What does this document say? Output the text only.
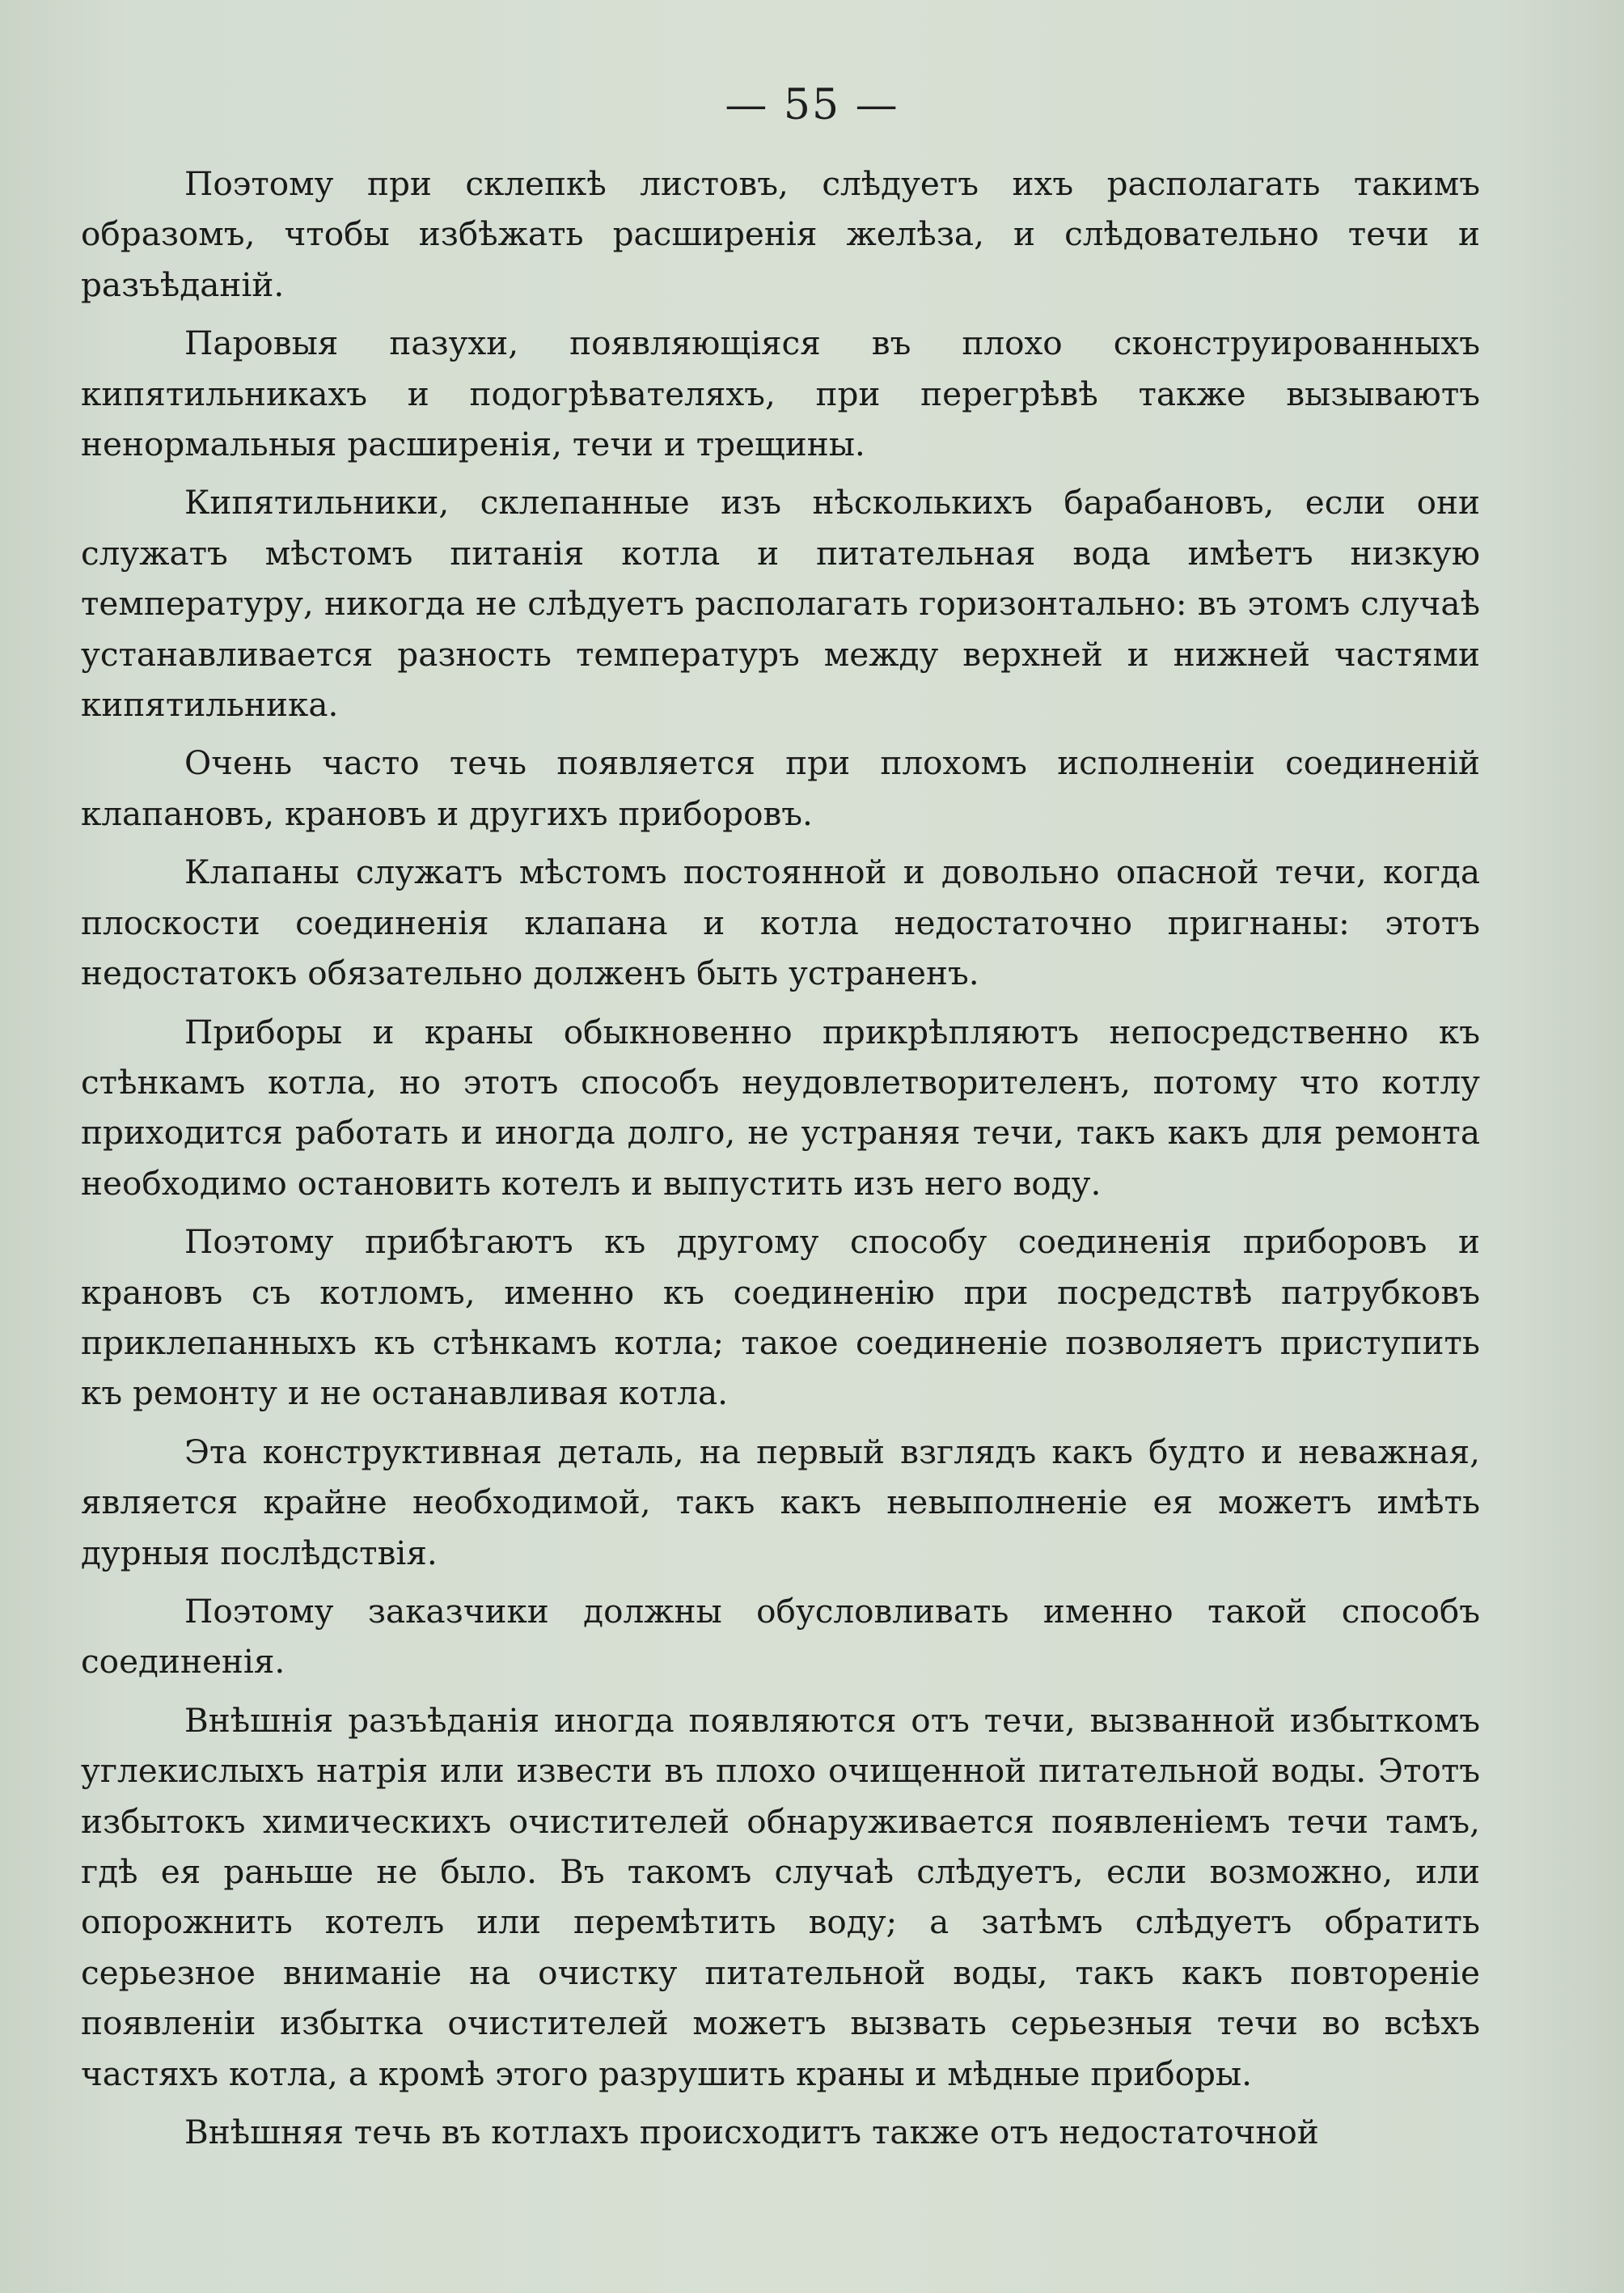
— 55 —

Поэтому при склепкѣ листовъ, слѣдуетъ ихъ располагать такимъ образомъ, чтобы избѣжать расширенія желѣза, и слѣдовательно течи и разъѣданій.

Паровыя пазухи, появляющіяся въ плохо сконструированныхъ кипятильникахъ и подогрѣвателяхъ, при перегрѣвѣ также вызываютъ ненормальныя расширенія, течи и трещины.

Кипятильники, склепанные изъ нѣсколькихъ барабановъ, если они служатъ мѣстомъ питанія котла и питательная вода имѣетъ низкую температуру, никогда не слѣдуетъ располагать горизонтально: въ этомъ случаѣ устанавливается разность температуръ между верхней и нижней частями кипятильника.

Очень часто течь появляется при плохомъ исполненіи соединеній клапановъ, крановъ и другихъ приборовъ.

Клапаны служатъ мѣстомъ постоянной и довольно опасной течи, когда плоскости соединенія клапана и котла недостаточно пригнаны: этотъ недостатокъ обязательно долженъ быть устраненъ.

Приборы и краны обыкновенно прикрѣпляютъ непосредственно къ стѣнкамъ котла, но этотъ способъ неудовлетворителенъ, потому что котлу приходится работать и иногда долго, не устраняя течи, такъ какъ для ремонта необходимо остановить котелъ и выпустить изъ него воду.

Поэтому прибѣгаютъ къ другому способу соединенія приборовъ и крановъ съ котломъ, именно къ соединенію при посредствѣ патрубковъ приклепанныхъ къ стѣнкамъ котла; такое соединеніе позволяетъ приступить къ ремонту и не останавливая котла.

Эта конструктивная деталь, на первый взглядъ какъ будто и неважная, является крайне необходимой, такъ какъ невыполненіе ея можетъ имѣть дурныя послѣдствія.

Поэтому заказчики должны обусловливать именно такой способъ соединенія.

Внѣшнія разъѣданія иногда появляются отъ течи, вызванной избыткомъ углекислыхъ натрія или извести въ плохо очищенной питательной воды. Этотъ избытокъ химическихъ очистителей обнаруживается появленіемъ течи тамъ, гдѣ ея раньше не было. Въ такомъ случаѣ слѣдуетъ, если возможно, или опорожнить котелъ или перемѣтить воду; а затѣмъ слѣдуетъ обратить серьезное вниманіе на очистку питательной воды, такъ какъ повтореніе появленіи избытка очистителей можетъ вызвать серьезныя течи во всѣхъ частяхъ котла, а кромѣ этого разрушить краны и мѣдные приборы.

Внѣшняя течь въ котлахъ происходитъ также отъ недостаточной
